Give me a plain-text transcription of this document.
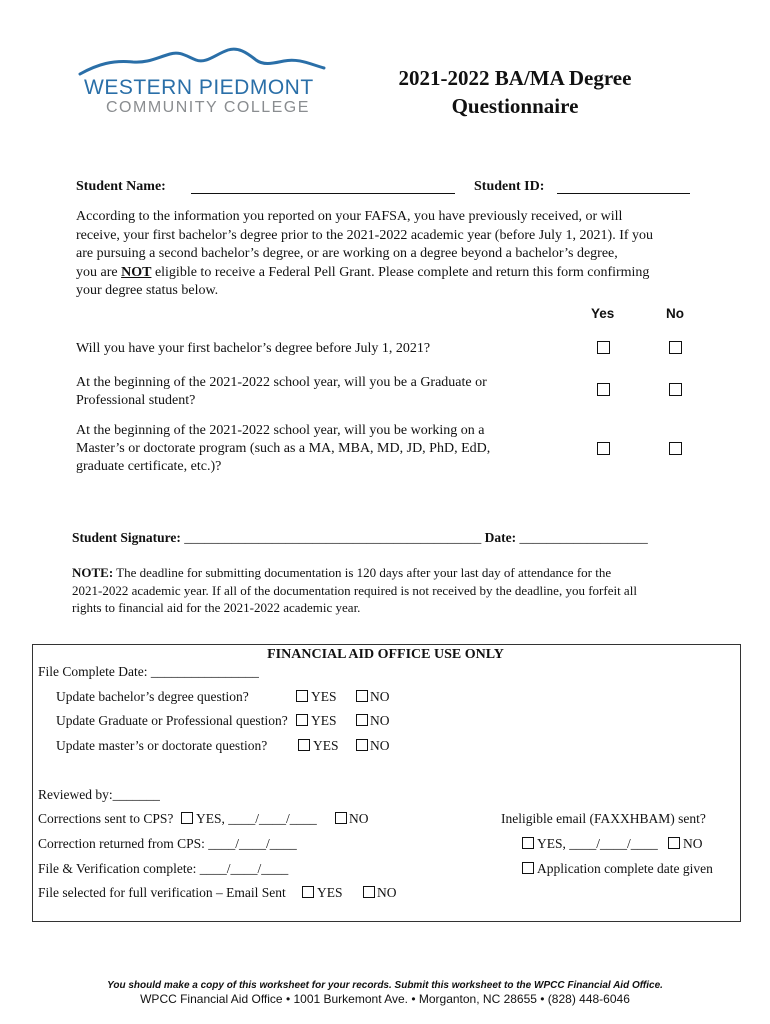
WESTERN PIEDMONT
COMMUNITY COLLEGE
2021-2022 BA/MA Degree
Questionnaire
Student Name:	Student ID:
According to the information you reported on your FAFSA, you have previously received, or will
receive, your first bachelor’s degree prior to the 2021-2022 academic year (before July 1, 2021). If you
are pursuing a second bachelor’s degree, or are working on a degree beyond a bachelor’s degree,
you are NOT eligible to receive a Federal Pell Grant. Please complete and return this form confirming
your degree status below.
Yes	No
Will you have your first bachelor’s degree before July 1, 2021?
At the beginning of the 2021-2022 school year, will you be a Graduate or
Professional student?
At the beginning of the 2021-2022 school year, will you be working on a
Master’s or doctorate program (such as a MA, MBA, MD, JD, PhD, EdD,
graduate certificate, etc.)?
Student Signature: ____________________________________________ Date: ___________________
NOTE: The deadline for submitting documentation is 120 days after your last day of attendance for the
2021-2022 academic year. If all of the documentation required is not received by the deadline, you forfeit all
rights to financial aid for the 2021-2022 academic year.
FINANCIAL AID OFFICE USE ONLY
File Complete Date: ________________
Update bachelor’s degree question?	YES NO
Update Graduate or Professional question? YES NO
Update master’s or doctorate question?	YES NO
Reviewed by:_______
Corrections sent to CPS? YES, ____/____/____ NO	Ineligible email (FAXXHBAM) sent?
Correction returned from CPS: ____/____/____	YES, ____/____/____ NO
File & Verification complete: ____/____/____	Application complete date given
File selected for full verification – Email Sent YES	NO
You should make a copy of this worksheet for your records. Submit this worksheet to the WPCC Financial Aid Office.
WPCC Financial Aid Office • 1001 Burkemont Ave. • Morganton, NC 28655 • (828) 448-6046
